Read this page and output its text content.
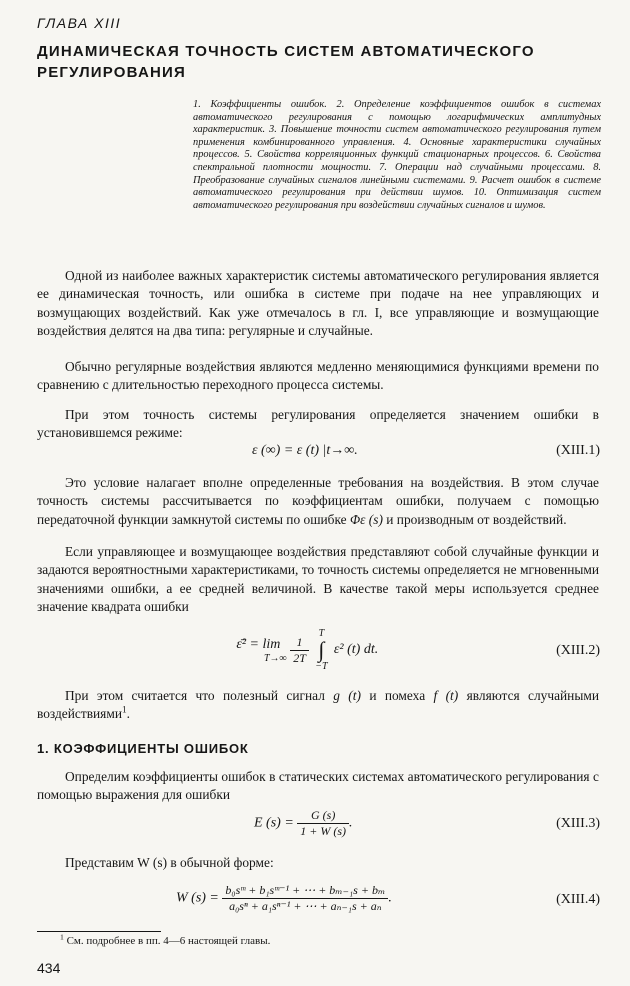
ГЛАВА XIII
ДИНАМИЧЕСКАЯ ТОЧНОСТЬ СИСТЕМ АВТОМАТИЧЕСКОГО
РЕГУЛИРОВАНИЯ
1. Коэффициенты ошибок. 2. Определение коэффициентов ошибок в системах автоматического регулирования с помощью логарифмических амплитудных характеристик. 3. Повышение точности систем автоматического регулирования путем применения комбинированного управления. 4. Основные характеристики случайных процессов. 5. Свойства корреляционных функций стационарных процессов. 6. Свойства спектральной плотности мощности. 7. Операции над случайными процессами. 8. Преобразование случайных сигналов линейными системами. 9. Расчет ошибок в системе автоматического регулирования при действии шумов. 10. Оптимизация систем автоматического регулирования при воздействии случайных сигналов и шумов.
Одной из наиболее важных характеристик системы автоматического регулирования является ее динамическая точность, или ошибка в системе при подаче на нее управляющих и возмущающих воздействий. Как уже отмечалось в гл. I, все управляющие и возмущающие воздействия делятся на два типа: регулярные и случайные.
Обычно регулярные воздействия являются медленно меняющимися функциями времени по сравнению с длительностью переходного процесса системы.
При этом точность системы регулирования определяется значением ошибки в установившемся режиме:
ε (∞) = ε (t) |t→∞.	(XIII.1)
Это условие налагает вполне определенные требования на воздействия. В этом случае точность системы рассчитывается по коэффициентам ошибки, получаем с помощью передаточной функции замкнутой системы по ошибке Φε (s) и производным от воздействий.
Если управляющее и возмущающее воздействия представляют собой случайные функции и задаются вероятностными характеристиками, то точность системы определяется не мгновенными значениями ошибки, а ее средней величиной. В качестве такой меры используется среднее значение квадрата ошибки
ε̄² = lim
T→∞
$\frac{1}{2T}$

T
∫
−T
ε² (t) dt.	(XIII.2)
При этом считается что полезный сигнал g (t) и помеха f (t) являются случайными воздействиями$^1$.
1. КОЭФФИЦИЕНТЫ ОШИБОК
Определим коэффициенты ошибок в статических системах автоматического регулирования с помощью выражения для ошибки
E $(s) = \frac{G (s)}{1 + W (s)}$ .	(XIII.3)
Представим W (s) в обычной форме:
W $(s) = \frac{\text{b₀sᵐ + b₁sᵐ⁻¹ + ⋯ + bₘ₋₁s + bₘ}}{\text{a₀sⁿ + a₁sⁿ⁻¹ + ⋯ + aₙ₋₁s + aₙ}}$ .	(XIII.4)
$^1$ См. подробнее в пп. 4—6 настоящей главы.
434
